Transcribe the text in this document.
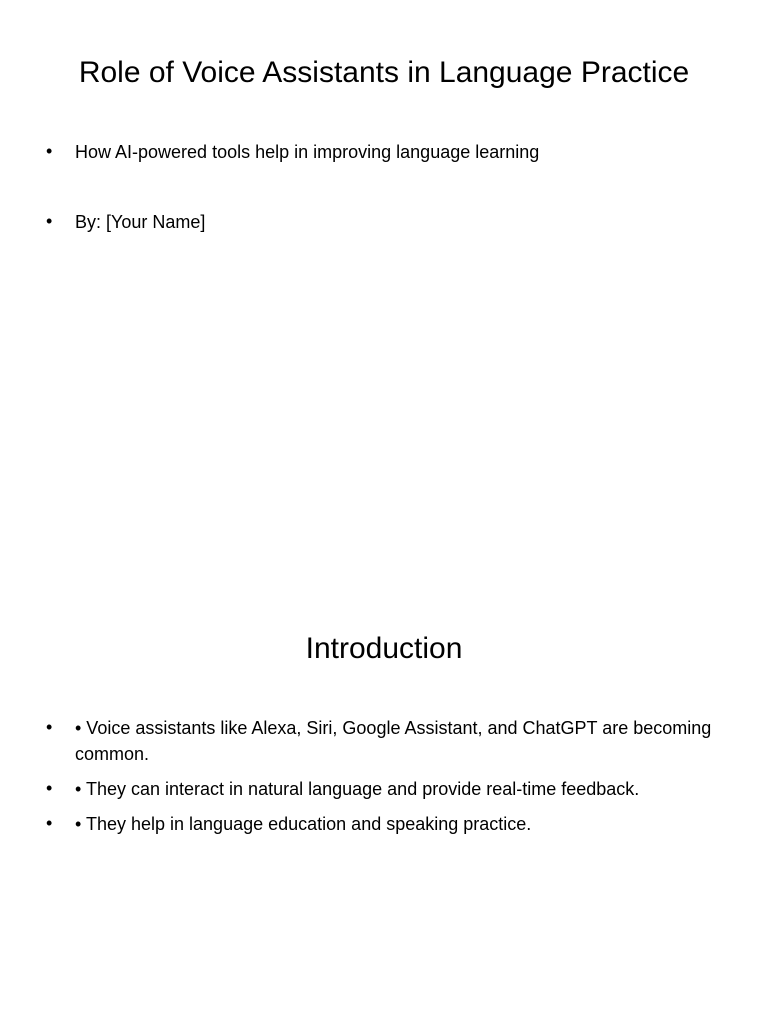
Role of Voice Assistants in Language Practice
•	How AI-powered tools help in improving language learning
•	By: [Your Name]
Introduction
•	• Voice assistants like Alexa, Siri, Google Assistant, and ChatGPT are becoming common.
•	• They can interact in natural language and provide real-time feedback.
•	• They help in language education and speaking practice.
